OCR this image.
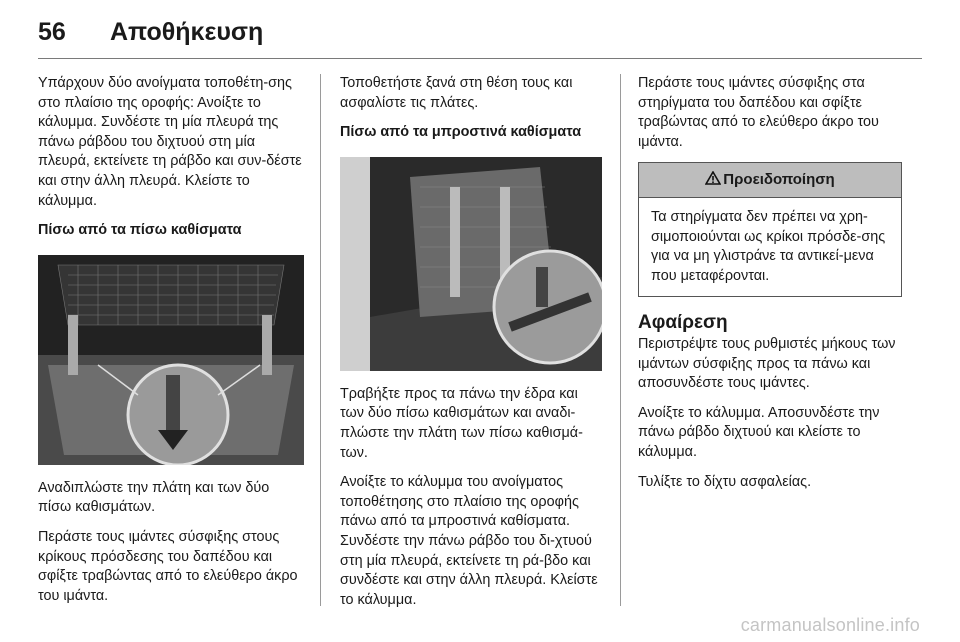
56 Αποθήκευση

Υπάρχουν δύο ανοίγματα τοποθέτη-σης στο πλαίσιο της οροφής: Ανοίξτε το κάλυμμα. Συνδέστε τη μία πλευρά της πάνω ράβδου του διχτυού στη μία πλευρά, εκτείνετε τη ράβδο και συν-δέστε και στην άλλη πλευρά. Κλείστε το κάλυμμα.

Πίσω από τα πίσω καθίσματα

Αναδιπλώστε την πλάτη και των δύο πίσω καθισμάτων.

Περάστε τους ιμάντες σύσφιξης στους κρίκους πρόσδεσης του δαπέδου και σφίξτε τραβώντας από το ελεύθερο άκρο του ιμάντα.

Τοποθετήστε ξανά στη θέση τους και ασφαλίστε τις πλάτες.

Πίσω από τα μπροστινά καθίσματα

Τραβήξτε προς τα πάνω την έδρα και των δύο πίσω καθισμάτων και αναδι-πλώστε την πλάτη των πίσω καθισμά-των.

Ανοίξτε το κάλυμμα του ανοίγματος τοποθέτησης στο πλαίσιο της οροφής πάνω από τα μπροστινά καθίσματα. Συνδέστε την πάνω ράβδο του δι-χτυού στη μία πλευρά, εκτείνετε τη ρά-βδο και συνδέστε και στην άλλη πλευρά. Κλείστε το κάλυμμα.

Περάστε τους ιμάντες σύσφιξης στα στηρίγματα του δαπέδου και σφίξτε τραβώντας από το ελεύθερο άκρο του ιμάντα.

Προειδοποίηση
Τα στηρίγματα δεν πρέπει να χρη-σιμοποιούνται ως κρίκοι πρόσδε-σης για να μη γλιστράνε τα αντικεί-μενα που μεταφέρονται.
Αφαίρεση

Περιστρέψτε τους ρυθμιστές μήκους των ιμάντων σύσφιξης προς τα πάνω και αποσυνδέστε τους ιμάντες.

Ανοίξτε το κάλυμμα. Αποσυνδέστε την πάνω ράβδο διχτυού και κλείστε το κάλυμμα.

Τυλίξτε το δίχτυ ασφαλείας.

carmanualsonline.info
